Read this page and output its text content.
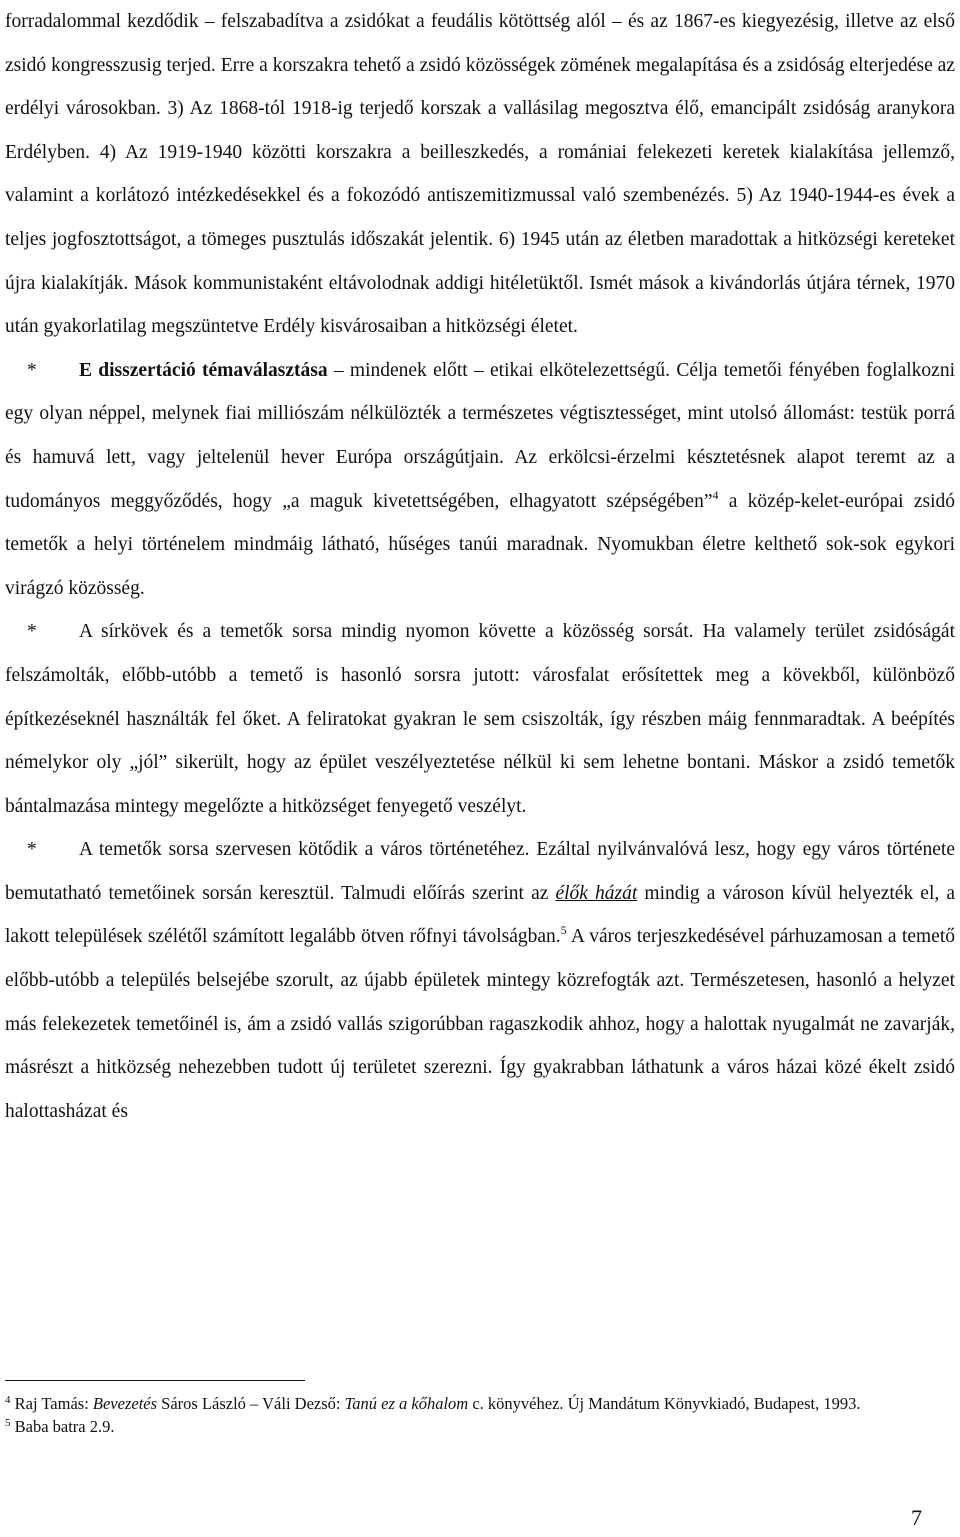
forradalommal kezdődik – felszabadítva a zsidókat a feudális kötöttség alól – és az 1867-es kiegyezésig, illetve az első zsidó kongresszusig terjed. Erre a korszakra tehető a zsidó közösségek zömének megalapítása és a zsidóság elterjedése az erdélyi városokban. 3) Az 1868-tól 1918-ig terjedő korszak a vallásilag megosztva élő, emancipált zsidóság aranykora Erdélyben. 4) Az 1919-1940 közötti korszakra a beilleszkedés, a romániai felekezeti keretek kialakítása jellemző, valamint a korlátozó intézkedésekkel és a fokozódó antiszemitizmussal való szembenézés. 5) Az 1940-1944-es évek a teljes jogfosztottságot, a tömeges pusztulás időszakát jelentik. 6) 1945 után az életben maradottak a hitközségi kereteket újra kialakítják. Mások kommunistaként eltávolodnak addigi hitéletüktől. Ismét mások a kivándorlás útjára térnek, 1970 után gyakorlatilag megszüntetve Erdély kisvárosaiban a hitközségi életet.

* E disszertáció témaválasztása – mindenek előtt – etikai elkötelezettségű. Célja temetői fényében foglalkozni egy olyan néppel, melynek fiai milliószám nélkülözték a természetes végtisztességet, mint utolsó állomást: testük porrá és hamuvá lett, vagy jeltelenül hever Európa országútjain. Az erkölcsi-érzelmi késztetésnek alapot teremt az a tudományos meggyőződés, hogy „a maguk kivetettségében, elhagyatott szépségében”$^4$ a közép-kelet-európai zsidó temetők a helyi történelem mindmáig látható, hűséges tanúi maradnak. Nyomukban életre kelthető sok-sok egykori virágzó közösség.

* A sírkövek és a temetők sorsa mindig nyomon követte a közösség sorsát. Ha valamely terület zsidóságát felszámolták, előbb-utóbb a temető is hasonló sorsra jutott: városfalat erősítettek meg a kövekből, különböző építkezéseknél használták fel őket. A feliratokat gyakran le sem csiszolták, így részben máig fennmaradtak. A beépítés némelykor oly „jól” sikerült, hogy az épület veszélyeztetése nélkül ki sem lehetne bontani. Máskor a zsidó temetők bántalmazása mintegy megelőzte a hitközséget fenyegető veszélyt.

* A temetők sorsa szervesen kötődik a város történetéhez. Ezáltal nyilvánvalóvá lesz, hogy egy város története bemutatható temetőinek sorsán keresztül. Talmudi előírás szerint az élők házát mindig a városon kívül helyezték el, a lakott települések szélétől számított legalább ötven rőfnyi távolságban.$^5$ A város terjeszkedésével párhuzamosan a temető előbb-utóbb a település belsejébe szorult, az újabb épületek mintegy közrefogták azt. Természetesen, hasonló a helyzet más felekezetek temetőinél is, ám a zsidó vallás szigorúbban ragaszkodik ahhoz, hogy a halottak nyugalmát ne zavarják, másrészt a hitközség nehezebben tudott új területet szerezni. Így gyakrabban láthatunk a város házai közé ékelt zsidó halottasházat és

$^4$ Raj Tamás: Bevezetés Sáros László – Váli Dezső: Tanú ez a kőhalom c. könyvéhez. Új Mandátum Könyvkiadó, Budapest, 1993.

$^5$ Baba batra 2.9.

7
